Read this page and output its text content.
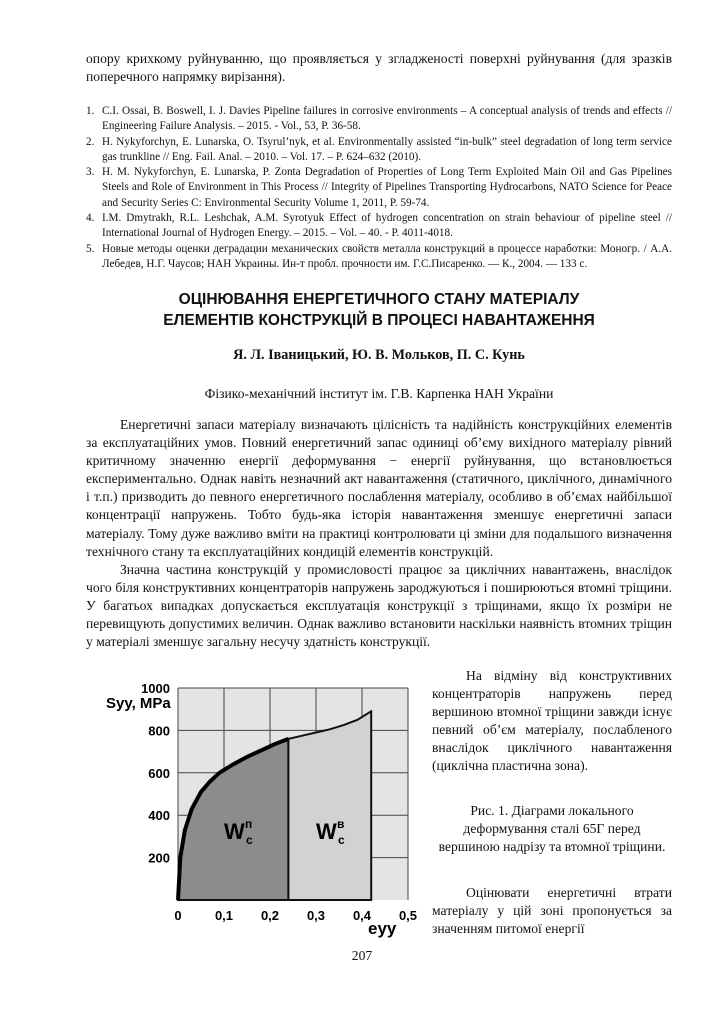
опору крихкому руйнуванню, що проявляється у згладженості поверхні руйнування (для зразків поперечного напрямку вирізання).
1. C.I. Ossai, B. Boswell, I. J. Davies Pipeline failures in corrosive environments – A conceptual analysis of trends and effects // Engineering Failure Analysis. – 2015. - Vol., 53, P. 36-58.
2. H. Nykyforchyn, E. Lunarska, O. Tsyrul’nyk, et al. Environmentally assisted “in-bulk” steel degradation of long term service gas trunkline // Eng. Fail. Anal. – 2010. – Vol. 17. – P. 624–632 (2010).
3. H. M. Nykyforchyn, E. Lunarska, P. Zonta Degradation of Properties of Long Term Exploited Main Oil and Gas Pipelines Steels and Role of Environment in This Process // Integrity of Pipelines Transporting Hydrocarbons, NATO Science for Peace and Security Series C: Environmental Security Volume 1, 2011, P. 59-74.
4. I.M. Dmytrakh, R.L. Leshchak, A.M. Syrotyuk Effect of hydrogen concentration on strain behaviour of pipeline steel // International Journal of Hydrogen Energy. – 2015. – Vol. – 40. - P. 4011-4018.
5. Новые методы оценки деградации механических свойств металла конструкций в процессе наработки: Моногр. / А.А. Лебедев, Н.Г. Чаусов; НАН Украины. Ин-т пробл. прочности им. Г.С.Писаренко. — К., 2004. — 133 с.
ОЦІНЮВАННЯ ЕНЕРГЕТИЧНОГО СТАНУ МАТЕРІАЛУ
ЕЛЕМЕНТІВ КОНСТРУКЦІЙ В ПРОЦЕСІ НАВАНТАЖЕННЯ
Я. Л. Іваницький, Ю. В. Мольков, П. С. Кунь
Фізико-механічний інститут ім. Г.В. Карпенка НАН України

Енергетичні запаси матеріалу визначають цілісність та надійність конструкційних елементів за експлуатаційних умов. Повний енергетичний запас одиниці об’єму вихідного матеріалу рівний критичному значенню енергії деформування − енергії руйнування, що встановлюється експериментально. Однак навіть незначний акт навантаження (статичного, циклічного, динамічного і т.п.) призводить до певного енергетичного послаблення матеріалу, особливо в об’ємах найбільшої концентрації напружень. Тобто будь-яка історія навантаження зменшує енергетичні запаси матеріалу. Тому дуже важливо вміти на практиці контролювати ці зміни для подальшого визначення технічного стану та експлуатаційних кондицій елементів конструкцій.

Значна частина конструкцій у промисловості працює за циклічних навантажень, внаслідок чого біля конструктивних концентраторів напружень зароджуються і поширюються втомні тріщини. У багатьох випадках допускається експлуатація конструкції з тріщинами, якщо їх розміри не перевищують допустимих величин. Однак важливо встановити наскільки наявність втомних тріщин у матеріалі зменшує загальну несучу здатність конструкції.

200
400
600
800
1000
0	0,1 0,2 0,3 0,4 0,5
Syy, MPa
eyy
W п
c	W в
c

На відміну від конструктивних концентраторів напружень перед вершиною втомної тріщини завжди існує певний об’єм матеріалу, послабленого внаслідок циклічного навантаження (циклічна пластична зона).

Рис. 1. Діаграми локального деформування сталі 65Г перед вершиною надрізу та втомної тріщини.

Оцінювати енергетичні втрати матеріалу у цій зоні пропонується за значенням питомої енергії

207
